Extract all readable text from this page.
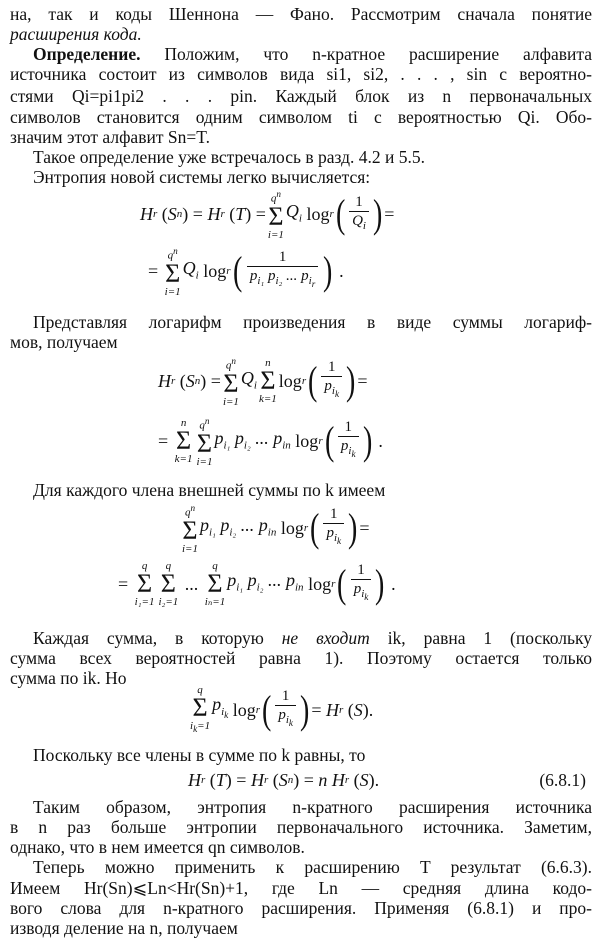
на, так и коды Шеннона — Фано. Рассмотрим сначала понятие
расширения кода.
Определение. Положим, что n-кратное расширение алфавита
источника состоит из символов вида si1, si2, . . . , sin с вероятно-
стями Qi=pi1pi2 . . . pin. Каждый блок из n первоначальных
символов становится одним символом ti с вероятностью Qi. Обо-
значим этот алфавит Sn=T.
Такое определение уже встречалось в разд. 4.2 и 5.5.
Энтропия новой системы легко вычисляется:
H r ( S n ) = H r ( T ) =
$q^n$
Σ
i=1
$Q_i$ log r ( $\frac{1}{Q_i}$ ) =
=
$q^n$
Σ
i=1
$Q_i$ log r ( $\frac{1}{p_{i_1} p_{i_2} ... p_{i_r}}$ ) .
Представляя логарифм произведения в виде суммы логариф-
мов, получаем
H r ( S n ) =
$q^n$
Σ
i=1
$Q_i$
n
Σ
k=1
log r ( $\frac{1}{p_{i_k}}$ ) =
=
n
Σ
k=1
$q^n$
Σ
i=1
$p_{i_1}$ $p_{i_2}$ ... $p_{in}$ log r ( $\frac{1}{p_{i_k}}$ ) .
Для каждого члена внешней суммы по k имеем
$q^n$
Σ
i=1
$p_{i_1}$ $p_{i_2}$ ... $p_{in}$ log r ( $\frac{1}{p_{i_k}}$ ) =
=
q
Σ
i₁=1
q
Σ
i₂=1
...
q
Σ
iₙ=1
$p_{i_1}$ $p_{i_2}$ ... $p_{in}$ log r ( $\frac{1}{p_{i_k}}$ ) .
Каждая сумма, в которую не входит ik, равна 1 (поскольку
сумма всех вероятностей равна 1). Поэтому остается только
сумма по ik. Но
q
Σ
$i_k=1$
$p_{i_k}$ log r ( $\frac{1}{p_{i_k}}$ ) = H r ( S ).
Поскольку все члены в сумме по k равны, то
H r ( T ) = H r ( S n ) = n
H r ( S ).	(6.8.1)
Таким образом, энтропия n-кратного расширения источника
в n раз больше энтропии первоначального источника. Заметим,
однако, что в нем имеется qn символов.
Теперь можно применить к расширению T результат (6.6.3).
Имеем Hr(Sn)⩽Ln<Hr(Sn)+1, где Ln — средняя длина кодо-
вого слова для n-кратного расширения. Применяя (6.8.1) и про-
изводя деление на n, получаем
